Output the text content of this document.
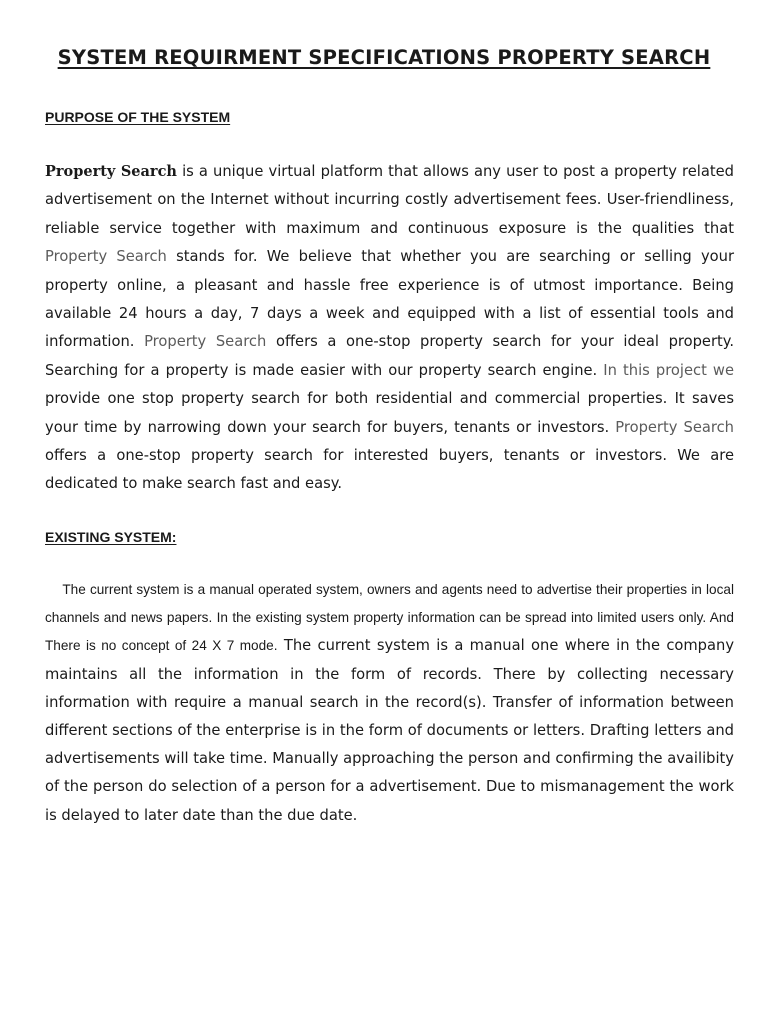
SYSTEM REQUIRMENT SPECIFICATIONS PROPERTY SEARCH
PURPOSE OF THE SYSTEM

Property Search is a unique virtual platform that allows any user to post a property related advertisement on the Internet without incurring costly advertisement fees. User-friendliness, reliable service together with maximum and continuous exposure is the qualities that Property Search stands for. We believe that whether you are searching or selling your property online, a pleasant and hassle free experience is of utmost importance. Being available 24 hours a day, 7 days a week and equipped with a list of essential tools and information. Property Search offers a one-stop property search for your ideal property. Searching for a property is made easier with our property search engine. In this project we provide one stop property search for both residential and commercial properties. It saves your time by narrowing down your search for buyers, tenants or investors. Property Search offers a one-stop property search for interested buyers, tenants or investors. We are dedicated to make search fast and easy.

EXISTING SYSTEM:

The current system is a manual operated system, owners and agents need to advertise their properties in local channels and news papers. In the existing system property information can be spread into limited users only. And There is no concept of 24 X 7 mode. The current system is a manual one where in the company maintains all the information in the form of records. There by collecting necessary information with require a manual search in the record(s). Transfer of information between different sections of the enterprise is in the form of documents or letters. Drafting letters and advertisements will take time. Manually approaching the person and confirming the availibity of the person do selection of a person for a advertisement. Due to mismanagement the work is delayed to later date than the due date.
